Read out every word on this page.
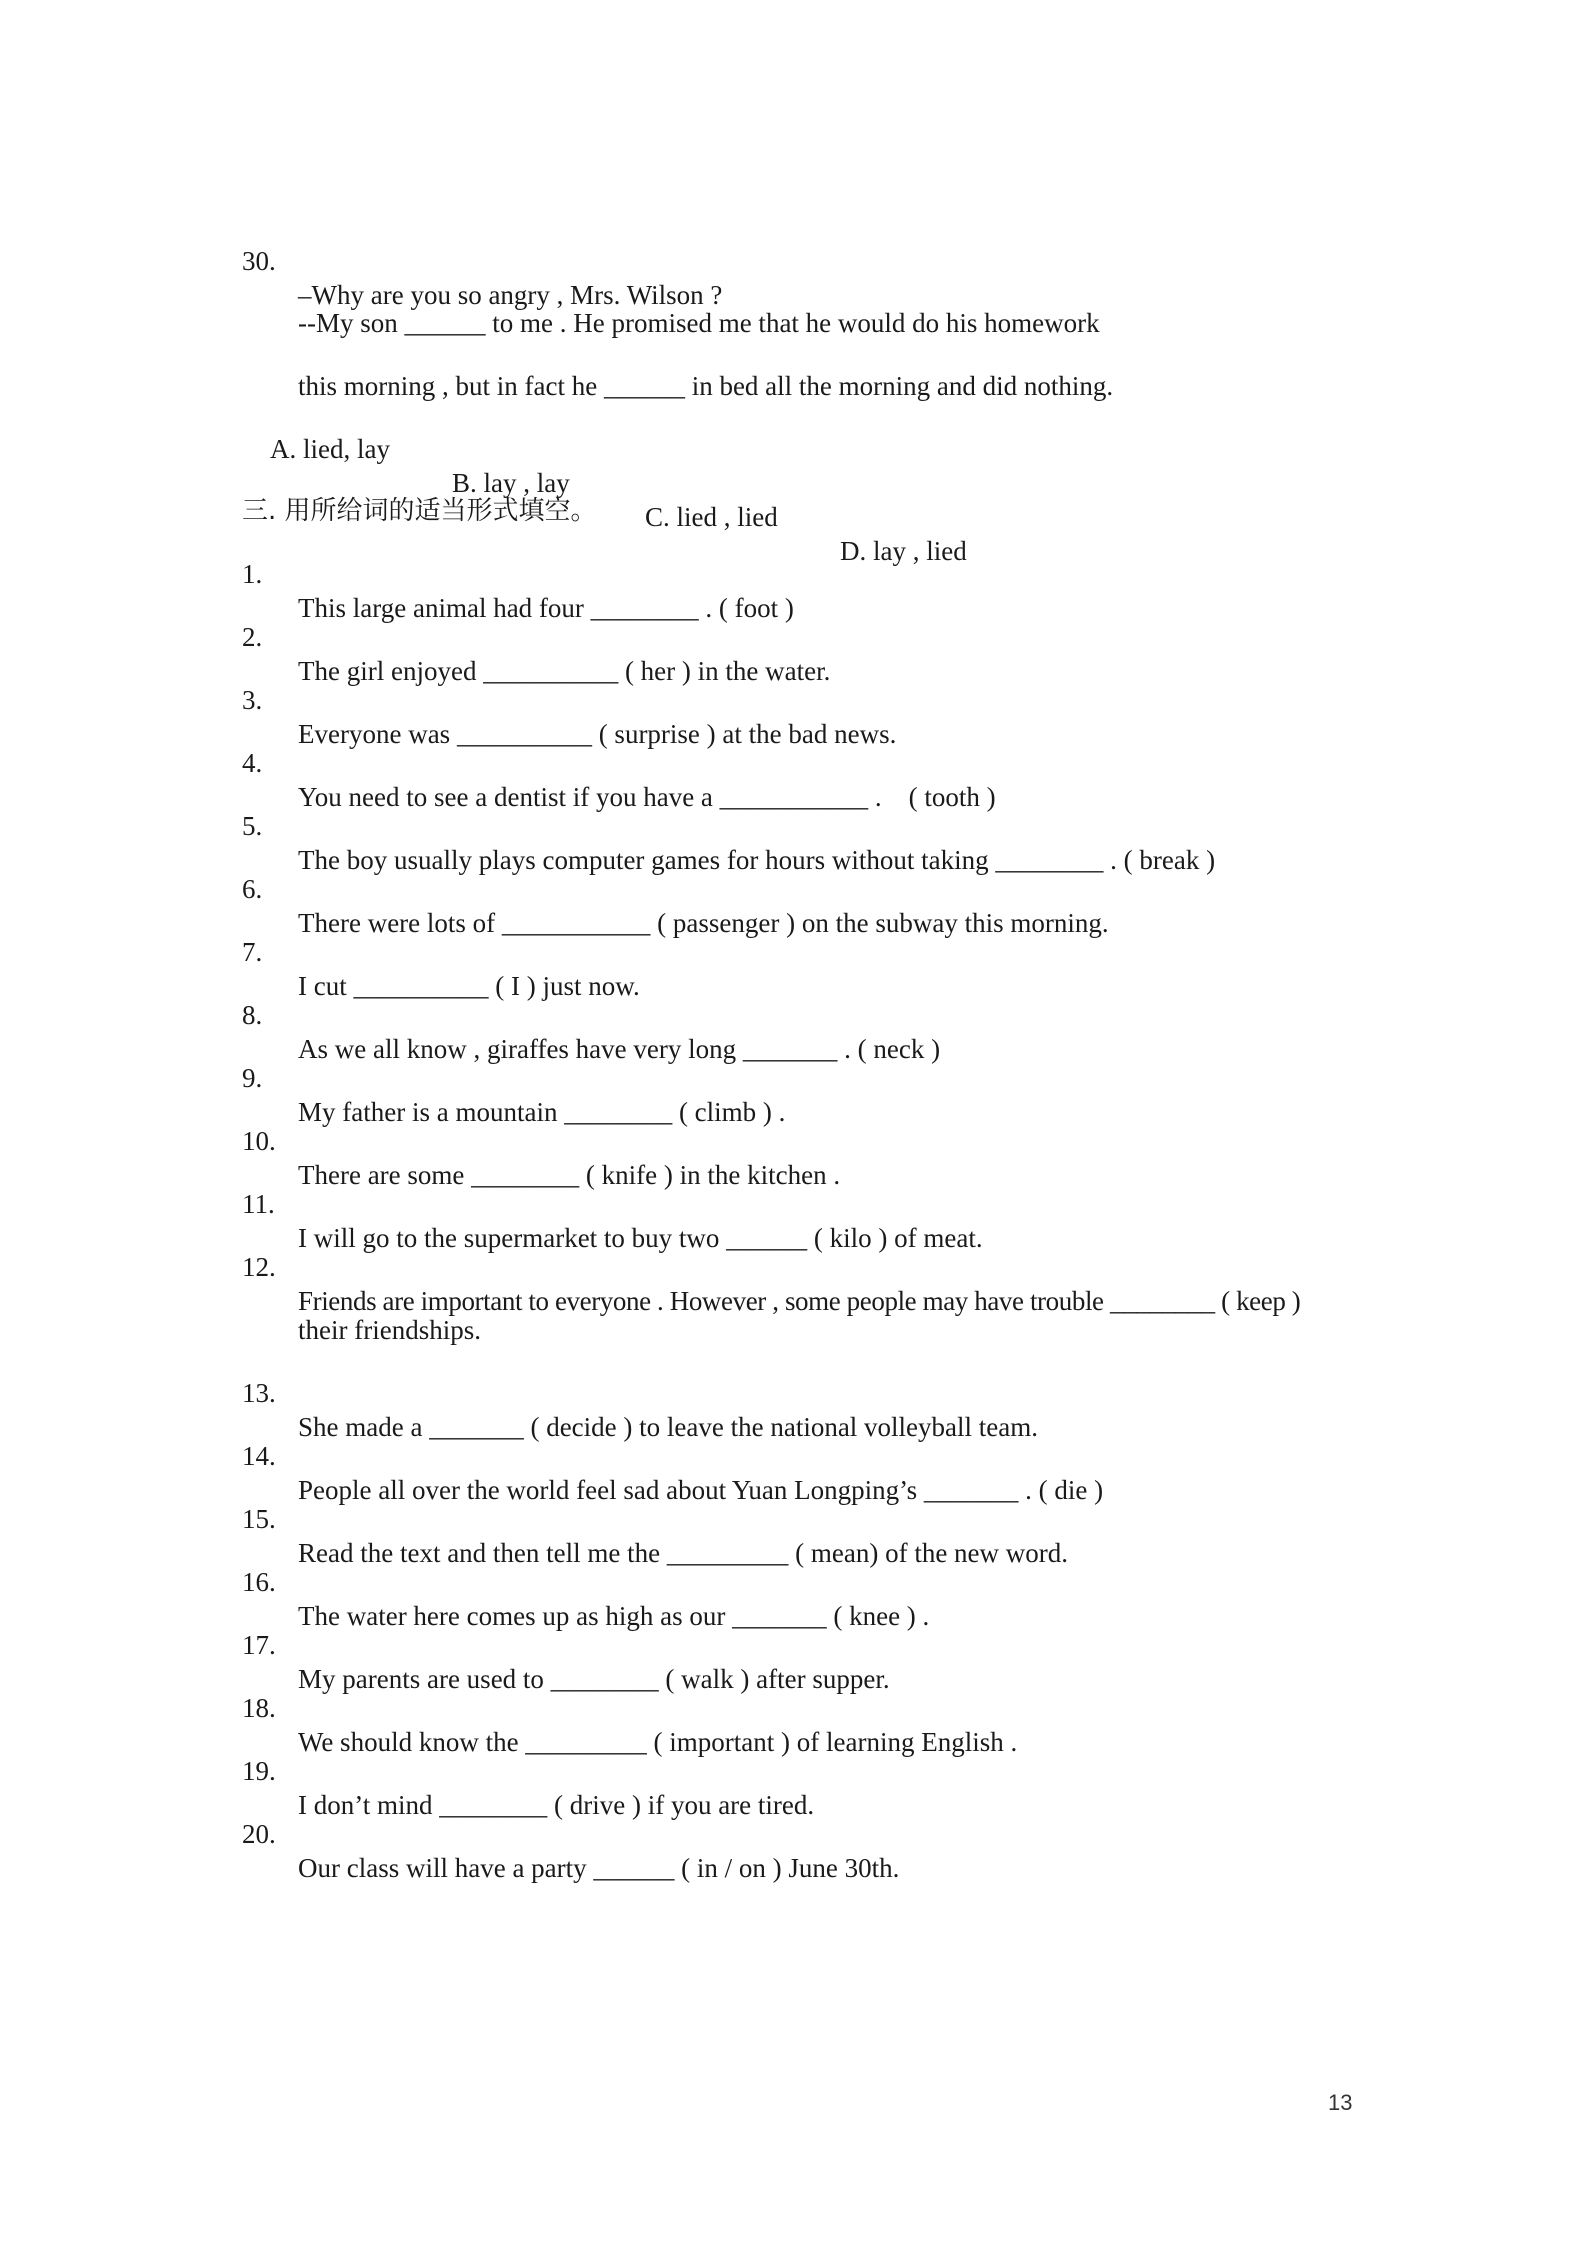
30.

–Why are you so angry , Mrs. Wilson ?

--My son ______ to me . He promised me that he would do his homework

this morning , but in fact he ______ in bed all the morning and did nothing.

A. lied, lay

B. lay , lay

C. lied , lied

D. lay , lied

三. 用所给词的适当形式填空。

1.

This large animal had four ________ . ( foot )

2.

The girl enjoyed __________ ( her ) in the water.

3.

Everyone was __________ ( surprise ) at the bad news.

4.

You need to see a dentist if you have a ___________ .    ( tooth )

5.

The boy usually plays computer games for hours without taking ________ . ( break )

6.

There were lots of ___________ ( passenger ) on the subway this morning.

7.

I cut __________ ( I ) just now.

8.

As we all know , giraffes have very long _______ . ( neck )

9.

My father is a mountain ________ ( climb ) .

10.

There are some ________ ( knife ) in the kitchen .

11.

I will go to the supermarket to buy two ______ ( kilo ) of meat.

12.

Friends are important to everyone . However , some people may have trouble ________ ( keep )

their friendships.

13.

She made a _______ ( decide ) to leave the national volleyball team.

14.

People all over the world feel sad about Yuan Longping’s _______ . ( die )

15.

Read the text and then tell me the _________ ( mean) of the new word.

16.

The water here comes up as high as our _______ ( knee ) .

17.

My parents are used to ________ ( walk ) after supper.

18.

We should know the _________ ( important ) of learning English .

19.

I don’t mind ________ ( drive ) if you are tired.

20.

Our class will have a party ______ ( in / on ) June 30th.

13
